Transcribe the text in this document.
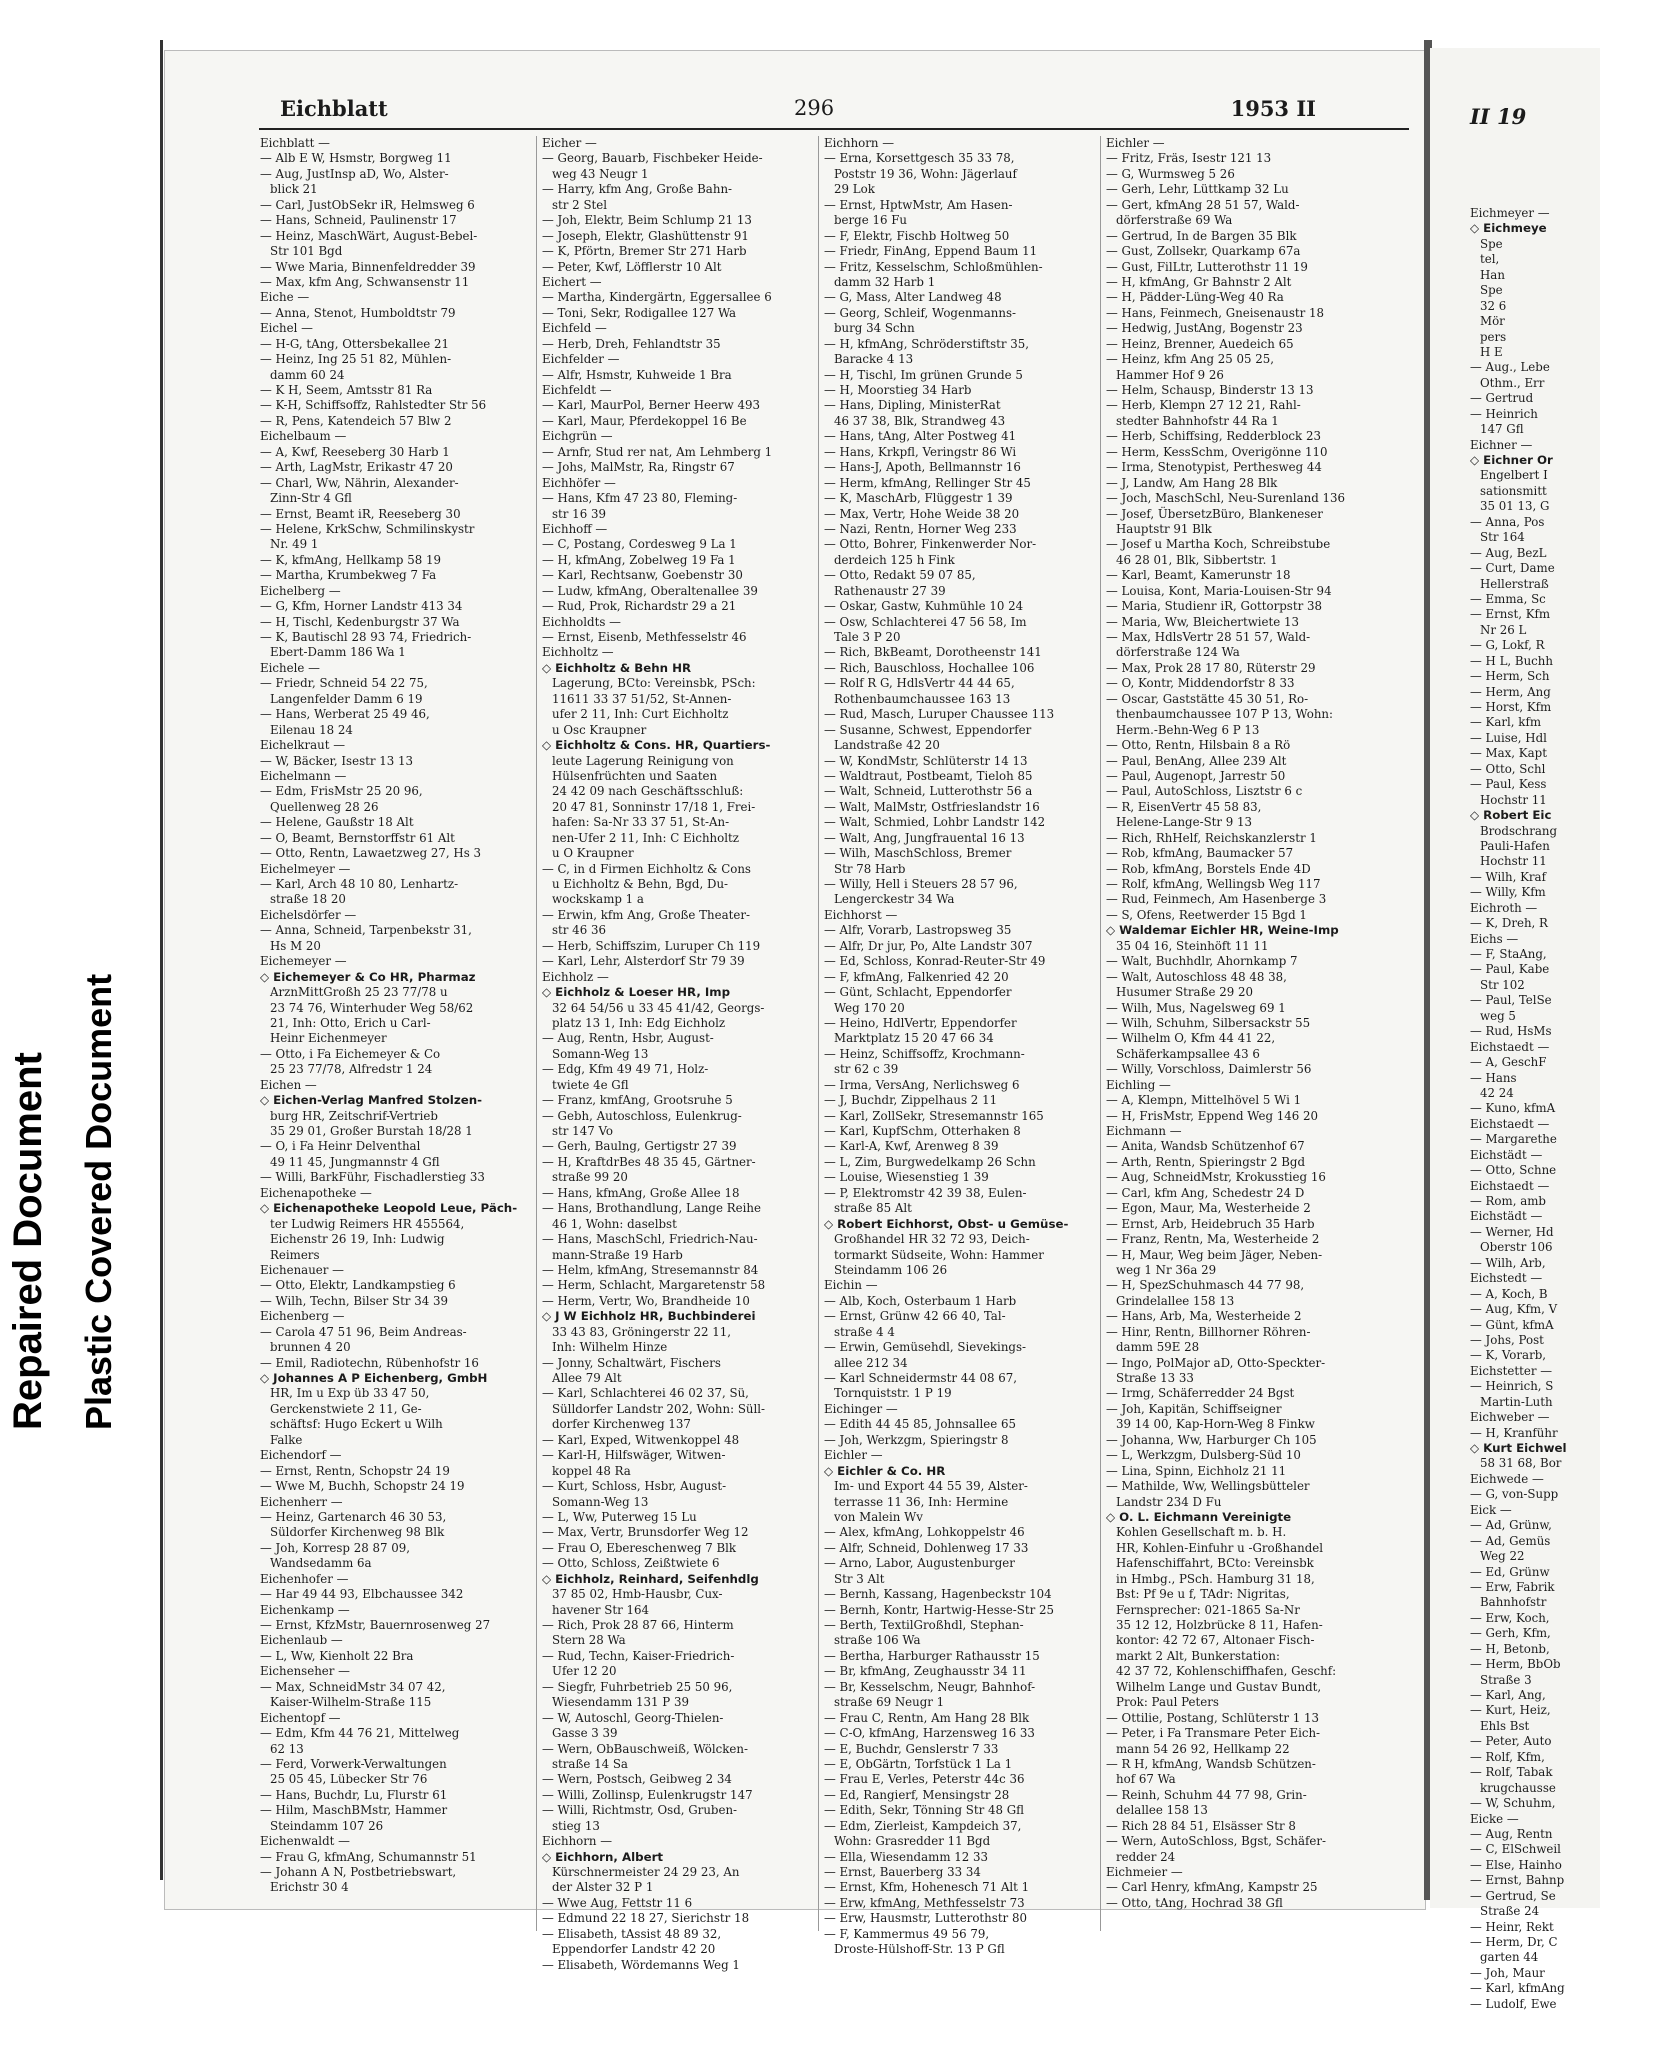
Repaired Document Plastic Covered Document
Eichblatt	296	1953 II
Eichblatt —
— Alb E W, Hsmstr, Borgweg 11
— Aug, JustInsp aD, Wo, Alster-
blick 21
— Carl, JustObSekr iR, Helmsweg 6
— Hans, Schneid, Paulinenstr 17
— Heinz, MaschWärt, August-Bebel-
Str 101 Bgd
— Wwe Maria, Binnenfeldredder 39
— Max, kfm Ang, Schwansenstr 11
Eiche —
— Anna, Stenot, Humboldtstr 79
Eichel —
— H-G, tAng, Ottersbekallee 21
— Heinz, Ing 25 51 82, Mühlen-
damm 60 24
— K H, Seem, Amtsstr 81 Ra
— K-H, Schiffsoffz, Rahlstedter Str 56
— R, Pens, Katendeich 57 Blw 2
Eichelbaum —
— A, Kwf, Reeseberg 30 Harb 1
— Arth, LagMstr, Erikastr 47 20
— Charl, Ww, Nährin, Alexander-
Zinn-Str 4 Gfl
— Ernst, Beamt iR, Reeseberg 30
— Helene, KrkSchw, Schmilinskystr
Nr. 49 1
— K, kfmAng, Hellkamp 58 19
— Martha, Krumbekweg 7 Fa
Eichelberg —
— G, Kfm, Horner Landstr 413 34
— H, Tischl, Kedenburgstr 37 Wa
— K, Bautischl 28 93 74, Friedrich-
Ebert-Damm 186 Wa 1
Eichele —
— Friedr, Schneid 54 22 75,
Langenfelder Damm 6 19
— Hans, Werberat 25 49 46,
Eilenau 18 24
Eichelkraut —
— W, Bäcker, Isestr 13 13
Eichelmann —
— Edm, FrisMstr 25 20 96,
Quellenweg 28 26
— Helene, Gaußstr 18 Alt
— O, Beamt, Bernstorffstr 61 Alt
— Otto, Rentn, Lawaetzweg 27, Hs 3
Eichelmeyer —
— Karl, Arch 48 10 80, Lenhartz-
straße 18 20
Eichelsdörfer —
— Anna, Schneid, Tarpenbekstr 31,
Hs M 20
Eichemeyer —
◇ Eichemeyer & Co HR, Pharmaz
ArznMittGroßh 25 23 77/78 u
23 74 76, Winterhuder Weg 58/62
21, Inh: Otto, Erich u Carl-
Heinr Eichenmeyer
— Otto, i Fa Eichemeyer & Co
25 23 77/78, Alfredstr 1 24
Eichen —
◇ Eichen-Verlag Manfred Stolzen-
burg HR, Zeitschrif-Vertrieb
35 29 01, Großer Burstah 18/28 1
— O, i Fa Heinr Delventhal
49 11 45, Jungmannstr 4 Gfl
— Willi, BarkFühr, Fischadlerstieg 33
Eichenapotheke —
◇ Eichenapotheke Leopold Leue, Päch-
ter Ludwig Reimers HR 455564,
Eichenstr 26 19, Inh: Ludwig
Reimers
Eichenauer —
— Otto, Elektr, Landkampstieg 6
— Wilh, Techn, Bilser Str 34 39
Eichenberg —
— Carola 47 51 96, Beim Andreas-
brunnen 4 20
— Emil, Radiotechn, Rübenhofstr 16
◇ Johannes A P Eichenberg, GmbH
HR, Im u Exp üb 33 47 50,
Gerckenstwiete 2 11, Ge-
schäftsf: Hugo Eckert u Wilh
Falke
Eichendorf —
— Ernst, Rentn, Schopstr 24 19
— Wwe M, Buchh, Schopstr 24 19
Eichenherr —
— Heinz, Gartenarch 46 30 53,
Süldorfer Kirchenweg 98 Blk
— Joh, Korresp 28 87 09,
Wandsedamm 6a
Eichenhofer —
— Har 49 44 93, Elbchaussee 342
Eichenkamp —
— Ernst, KfzMstr, Bauernrosenweg 27
Eichenlaub —
— L, Ww, Kienholt 22 Bra
Eichenseher —
— Max, SchneidMstr 34 07 42,
Kaiser-Wilhelm-Straße 115
Eichentopf —
— Edm, Kfm 44 76 21, Mittelweg
62 13
— Ferd, Vorwerk-Verwaltungen
25 05 45, Lübecker Str 76
— Hans, Buchdr, Lu, Flurstr 61
— Hilm, MaschBMstr, Hammer
Steindamm 107 26
Eichenwaldt —
— Frau G, kfmAng, Schumannstr 51
— Johann A N, Postbetriebswart,
Erichstr 30 4
Eicher —
— Georg, Bauarb, Fischbeker Heide-
weg 43 Neugr 1
— Harry, kfm Ang, Große Bahn-
str 2 Stel
— Joh, Elektr, Beim Schlump 21 13
— Joseph, Elektr, Glashüttenstr 91
— K, Pförtn, Bremer Str 271 Harb
— Peter, Kwf, Löfflerstr 10 Alt
Eichert —
— Martha, Kindergärtn, Eggersallee 6
— Toni, Sekr, Rodigallee 127 Wa
Eichfeld —
— Herb, Dreh, Fehlandtstr 35
Eichfelder —
— Alfr, Hsmstr, Kuhweide 1 Bra
Eichfeldt —
— Karl, MaurPol, Berner Heerw 493
— Karl, Maur, Pferdekoppel 16 Be
Eichgrün —
— Arnfr, Stud rer nat, Am Lehmberg 1
— Johs, MalMstr, Ra, Ringstr 67
Eichhöfer —
— Hans, Kfm 47 23 80, Fleming-
str 16 39
Eichhoff —
— C, Postang, Cordesweg 9 La 1
— H, kfmAng, Zobelweg 19 Fa 1
— Karl, Rechtsanw, Goebenstr 30
— Ludw, kfmAng, Oberaltenallee 39
— Rud, Prok, Richardstr 29 a 21
Eichholdts —
— Ernst, Eisenb, Methfesselstr 46
Eichholtz —
◇ Eichholtz & Behn HR
Lagerung, BCto: Vereinsbk, PSch:
11611 33 37 51/52, St-Annen-
ufer 2 11, Inh: Curt Eichholtz
u Osc Kraupner
◇ Eichholtz & Cons. HR, Quartiers-
leute Lagerung Reinigung von
Hülsenfrüchten und Saaten
24 42 09 nach Geschäftsschluß:
20 47 81, Sonninstr 17/18 1, Frei-
hafen: Sa-Nr 33 37 51, St-An-
nen-Ufer 2 11, Inh: C Eichholtz
u O Kraupner
— C, in d Firmen Eichholtz & Cons
u Eichholtz & Behn, Bgd, Du-
wockskamp 1 a
— Erwin, kfm Ang, Große Theater-
str 46 36
— Herb, Schiffszim, Luruper Ch 119
— Karl, Lehr, Alsterdorf Str 79 39
Eichholz —
◇ Eichholz & Loeser HR, Imp
32 64 54/56 u 33 45 41/42, Georgs-
platz 13 1, Inh: Edg Eichholz
— Aug, Rentn, Hsbr, August-
Somann-Weg 13
— Edg, Kfm 49 49 71, Holz-
twiete 4e Gfl
— Franz, kmfAng, Grootsruhe 5
— Gebh, Autoschloss, Eulenkrug-
str 147 Vo
— Gerh, Baulng, Gertigstr 27 39
— H, KraftdrBes 48 35 45, Gärtner-
straße 99 20
— Hans, kfmAng, Große Allee 18
— Hans, Brothandlung, Lange Reihe
46 1, Wohn: daselbst
— Hans, MaschSchl, Friedrich-Nau-
mann-Straße 19 Harb
— Helm, kfmAng, Stresemannstr 84
— Herm, Schlacht, Margaretenstr 58
— Herm, Vertr, Wo, Brandheide 10
◇ J W Eichholz HR, Buchbinderei
33 43 83, Gröningerstr 22 11,
Inh: Wilhelm Hinze
— Jonny, Schaltwärt, Fischers
Allee 79 Alt
— Karl, Schlachterei 46 02 37, Sü,
Sülldorfer Landstr 202, Wohn: Süll-
dorfer Kirchenweg 137
— Karl, Exped, Witwenkoppel 48
— Karl-H, Hilfswäger, Witwen-
koppel 48 Ra
— Kurt, Schloss, Hsbr, August-
Somann-Weg 13
— L, Ww, Puterweg 15 Lu
— Max, Vertr, Brunsdorfer Weg 12
— Frau O, Ebereschenweg 7 Blk
— Otto, Schloss, Zeißtwiete 6
◇ Eichholz, Reinhard, Seifenhdlg
37 85 02, Hmb-Hausbr, Cux-
havener Str 164
— Rich, Prok 28 87 66, Hinterm
Stern 28 Wa
— Rud, Techn, Kaiser-Friedrich-
Ufer 12 20
— Siegfr, Fuhrbetrieb 25 50 96,
Wiesendamm 131 P 39
— W, Autoschl, Georg-Thielen-
Gasse 3 39
— Wern, ObBauschweiß, Wölcken-
straße 14 Sa
— Wern, Postsch, Geibweg 2 34
— Willi, Zollinsp, Eulenkrugstr 147
— Willi, Richtmstr, Osd, Gruben-
stieg 13
Eichhorn —
◇ Eichhorn, Albert
Kürschnermeister 24 29 23, An
der Alster 32 P 1
— Wwe Aug, Fettstr 11 6
— Edmund 22 18 27, Sierichstr 18
— Elisabeth, tAssist 48 89 32,
Eppendorfer Landstr 42 20
— Elisabeth, Wördemanns Weg 1
Eichhorn —
— Erna, Korsettgesch 35 33 78,
Poststr 19 36, Wohn: Jägerlauf
29 Lok
— Ernst, HptwMstr, Am Hasen-
berge 16 Fu
— F, Elektr, Fischb Holtweg 50
— Friedr, FinAng, Eppend Baum 11
— Fritz, Kesselschm, Schloßmühlen-
damm 32 Harb 1
— G, Mass, Alter Landweg 48
— Georg, Schleif, Wogenmanns-
burg 34 Schn
— H, kfmAng, Schröderstiftstr 35,
Baracke 4 13
— H, Tischl, Im grünen Grunde 5
— H, Moorstieg 34 Harb
— Hans, Dipling, MinisterRat
46 37 38, Blk, Strandweg 43
— Hans, tAng, Alter Postweg 41
— Hans, Krkpfl, Veringstr 86 Wi
— Hans-J, Apoth, Bellmannstr 16
— Herm, kfmAng, Rellinger Str 45
— K, MaschArb, Flüggestr 1 39
— Max, Vertr, Hohe Weide 38 20
— Nazi, Rentn, Horner Weg 233
— Otto, Bohrer, Finkenwerder Nor-
derdeich 125 h Fink
— Otto, Redakt 59 07 85,
Rathenaustr 27 39
— Oskar, Gastw, Kuhmühle 10 24
— Osw, Schlachterei 47 56 58, Im
Tale 3 P 20
— Rich, BkBeamt, Dorotheenstr 141
— Rich, Bauschloss, Hochallee 106
— Rolf R G, HdlsVertr 44 44 65,
Rothenbaumchaussee 163 13
— Rud, Masch, Luruper Chaussee 113
— Susanne, Schwest, Eppendorfer
Landstraße 42 20
— W, KondMstr, Schlüterstr 14 13
— Waldtraut, Postbeamt, Tieloh 85
— Walt, Schneid, Lutterothstr 56 a
— Walt, MalMstr, Ostfrieslandstr 16
— Walt, Schmied, Lohbr Landstr 142
— Walt, Ang, Jungfrauental 16 13
— Wilh, MaschSchloss, Bremer
Str 78 Harb
— Willy, Hell i Steuers 28 57 96,
Lengerckestr 34 Wa
Eichhorst —
— Alfr, Vorarb, Lastropsweg 35
— Alfr, Dr jur, Po, Alte Landstr 307
— Ed, Schloss, Konrad-Reuter-Str 49
— F, kfmAng, Falkenried 42 20
— Günt, Schlacht, Eppendorfer
Weg 170 20
— Heino, HdlVertr, Eppendorfer
Marktplatz 15 20 47 66 34
— Heinz, Schiffsoffz, Krochmann-
str 62 c 39
— Irma, VersAng, Nerlichsweg 6
— J, Buchdr, Zippelhaus 2 11
— Karl, ZollSekr, Stresemannstr 165
— Karl, KupfSchm, Otterhaken 8
— Karl-A, Kwf, Arenweg 8 39
— L, Zim, Burgwedelkamp 26 Schn
— Louise, Wiesenstieg 1 39
— P, Elektromstr 42 39 38, Eulen-
straße 85 Alt
◇ Robert Eichhorst, Obst- u Gemüse-
Großhandel HR 32 72 93, Deich-
tormarkt Südseite, Wohn: Hammer
Steindamm 106 26
Eichin —
— Alb, Koch, Osterbaum 1 Harb
— Ernst, Grünw 42 66 40, Tal-
straße 4 4
— Erwin, Gemüsehdl, Sievekings-
allee 212 34
— Karl Schneidermstr 44 08 67,
Tornquiststr. 1 P 19
Eichinger —
— Edith 44 45 85, Johnsallee 65
— Joh, Werkzgm, Spieringstr 8
Eichler —
◇ Eichler & Co. HR
Im- und Export 44 55 39, Alster-
terrasse 11 36, Inh: Hermine
von Malein Wv
— Alex, kfmAng, Lohkoppelstr 46
— Alfr, Schneid, Dohlenweg 17 33
— Arno, Labor, Augustenburger
Str 3 Alt
— Bernh, Kassang, Hagenbeckstr 104
— Bernh, Kontr, Hartwig-Hesse-Str 25
— Berth, TextilGroßhdl, Stephan-
straße 106 Wa
— Bertha, Harburger Rathausstr 15
— Br, kfmAng, Zeughausstr 34 11
— Br, Kesselschm, Neugr, Bahnhof-
straße 69 Neugr 1
— Frau C, Rentn, Am Hang 28 Blk
— C-O, kfmAng, Harzensweg 16 33
— E, Buchdr, Genslerstr 7 33
— E, ObGärtn, Torfstück 1 La 1
— Frau E, Verles, Peterstr 44c 36
— Ed, Rangierf, Mensingstr 28
— Edith, Sekr, Tönning Str 48 Gfl
— Edm, Zierleist, Kampdeich 37,
Wohn: Grasredder 11 Bgd
— Ella, Wiesendamm 12 33
— Ernst, Bauerberg 33 34
— Ernst, Kfm, Hohenesch 71 Alt 1
— Erw, kfmAng, Methfesselstr 73
— Erw, Hausmstr, Lutterothstr 80
— F, Kammermus 49 56 79,
Droste-Hülshoff-Str. 13 P Gfl
Eichler —
— Fritz, Fräs, Isestr 121 13
— G, Wurmsweg 5 26
— Gerh, Lehr, Lüttkamp 32 Lu
— Gert, kfmAng 28 51 57, Wald-
dörferstraße 69 Wa
— Gertrud, In de Bargen 35 Blk
— Gust, Zollsekr, Quarkamp 67a
— Gust, FilLtr, Lutterothstr 11 19
— H, kfmAng, Gr Bahnstr 2 Alt
— H, Pädder-Lüng-Weg 40 Ra
— Hans, Feinmech, Gneisenaustr 18
— Hedwig, JustAng, Bogenstr 23
— Heinz, Brenner, Auedeich 65
— Heinz, kfm Ang 25 05 25,
Hammer Hof 9 26
— Helm, Schausp, Binderstr 13 13
— Herb, Klempn 27 12 21, Rahl-
stedter Bahnhofstr 44 Ra 1
— Herb, Schiffsing, Redderblock 23
— Herm, KessSchm, Overigönne 110
— Irma, Stenotypist, Perthesweg 44
— J, Landw, Am Hang 28 Blk
— Joch, MaschSchl, Neu-Surenland 136
— Josef, ÜbersetzBüro, Blankeneser
Hauptstr 91 Blk
— Josef u Martha Koch, Schreibstube
46 28 01, Blk, Sibbertstr. 1
— Karl, Beamt, Kamerunstr 18
— Louisa, Kont, Maria-Louisen-Str 94
— Maria, Studienr iR, Gottorpstr 38
— Maria, Ww, Bleichertwiete 13
— Max, HdlsVertr 28 51 57, Wald-
dörferstraße 124 Wa
— Max, Prok 28 17 80, Rüterstr 29
— O, Kontr, Middendorfstr 8 33
— Oscar, Gaststätte 45 30 51, Ro-
thenbaumchaussee 107 P 13, Wohn:
Herm.-Behn-Weg 6 P 13
— Otto, Rentn, Hilsbain 8 a Rö
— Paul, BenAng, Allee 239 Alt
— Paul, Augenopt, Jarrestr 50
— Paul, AutoSchloss, Lisztstr 6 c
— R, EisenVertr 45 58 83,
Helene-Lange-Str 9 13
— Rich, RhHelf, Reichskanzlerstr 1
— Rob, kfmAng, Baumacker 57
— Rob, kfmAng, Borstels Ende 4D
— Rolf, kfmAng, Wellingsb Weg 117
— Rud, Feinmech, Am Hasenberge 3
— S, Ofens, Reetwerder 15 Bgd 1
◇ Waldemar Eichler HR, Weine-Imp
35 04 16, Steinhöft 11 11
— Walt, Buchhdlr, Ahornkamp 7
— Walt, Autoschloss 48 48 38,
Husumer Straße 29 20
— Wilh, Mus, Nagelsweg 69 1
— Wilh, Schuhm, Silbersackstr 55
— Wilhelm O, Kfm 44 41 22,
Schäferkampsallee 43 6
— Willy, Vorschloss, Daimlerstr 56
Eichling —
— A, Klempn, Mittelhövel 5 Wi 1
— H, FrisMstr, Eppend Weg 146 20
Eichmann —
— Anita, Wandsb Schützenhof 67
— Arth, Rentn, Spieringstr 2 Bgd
— Aug, SchneidMstr, Krokusstieg 16
— Carl, kfm Ang, Schedestr 24 D
— Egon, Maur, Ma, Westerheide 2
— Ernst, Arb, Heidebruch 35 Harb
— Franz, Rentn, Ma, Westerheide 2
— H, Maur, Weg beim Jäger, Neben-
weg 1 Nr 36a 29
— H, SpezSchuhmasch 44 77 98,
Grindelallee 158 13
— Hans, Arb, Ma, Westerheide 2
— Hinr, Rentn, Billhorner Röhren-
damm 59E 28
— Ingo, PolMajor aD, Otto-Speckter-
Straße 13 33
— Irmg, Schäferredder 24 Bgst
— Joh, Kapitän, Schiffseigner
39 14 00, Kap-Horn-Weg 8 Finkw
— Johanna, Ww, Harburger Ch 105
— L, Werkzgm, Dulsberg-Süd 10
— Lina, Spinn, Eichholz 21 11
— Mathilde, Ww, Wellingsbütteler
Landstr 234 D Fu
◇ O. L. Eichmann Vereinigte
Kohlen Gesellschaft m. b. H.
HR, Kohlen-Einfuhr u -Großhandel
Hafenschiffahrt, BCto: Vereinsbk
in Hmbg., PSch. Hamburg 31 18,
Bst: Pf 9e u f, TAdr: Nigritas,
Fernsprecher: 021-1865 Sa-Nr
35 12 12, Holzbrücke 8 11, Hafen-
kontor: 42 72 67, Altonaer Fisch-
markt 2 Alt, Bunkerstation:
42 37 72, Kohlenschiffhafen, Geschf:
Wilhelm Lange und Gustav Bundt,
Prok: Paul Peters
— Ottilie, Postang, Schlüterstr 1 13
— Peter, i Fa Transmare Peter Eich-
mann 54 26 92, Hellkamp 22
— R H, kfmAng, Wandsb Schützen-
hof 67 Wa
— Reinh, Schuhm 44 77 98, Grin-
delallee 158 13
— Rich 28 84 51, Elsässer Str 8
— Wern, AutoSchloss, Bgst, Schäfer-
redder 24
Eichmeier —
— Carl Henry, kfmAng, Kampstr 25
— Otto, tAng, Hochrad 38 Gfl
II 19
Eichmeyer —
◇ Eichmeye
Spe
tel,
Han
Spe
32 6
Mör
pers
H E
— Aug., Lebe
Othm., Err
— Gertrud
— Heinrich
147 Gfl
Eichner —
◇ Eichner Or
Engelbert I
sationsmitt
35 01 13, G
— Anna, Pos
Str 164
— Aug, BezL
— Curt, Dame
Hellerstraß
— Emma, Sc
— Ernst, Kfm
Nr 26 L
— G, Lokf, R
— H L, Buchh
— Herm, Sch
— Herm, Ang
— Horst, Kfm
— Karl, kfm
— Luise, Hdl
— Max, Kapt
— Otto, Schl
— Paul, Kess
Hochstr 11
◇ Robert Eic
Brodschrang
Pauli-Hafen
Hochstr 11
— Wilh, Kraf
— Willy, Kfm
Eichroth —
— K, Dreh, R
Eichs —
— F, StaAng,
— Paul, Kabe
Str 102
— Paul, TelSe
weg 5
— Rud, HsMs
Eichstaedt —
— A, GeschF
— Hans
42 24
— Kuno, kfmA
Eichstaedt —
— Margarethe
Eichstädt —
— Otto, Schne
Eichstaedt —
— Rom, amb
Eichstädt —
— Werner, Hd
Oberstr 106
— Wilh, Arb,
Eichstedt —
— A, Koch, B
— Aug, Kfm, V
— Günt, kfmA
— Johs, Post
— K, Vorarb,
Eichstetter —
— Heinrich, S
Martin-Luth
Eichweber —
— H, Kranführ
◇ Kurt Eichwel
58 31 68, Bor
Eichwede —
— G, von-Supp
Eick —
— Ad, Grünw,
— Ad, Gemüs
Weg 22
— Ed, Grünw
— Erw, Fabrik
Bahnhofstr
— Erw, Koch,
— Gerh, Kfm,
— H, Betonb,
— Herm, BbOb
Straße 3
— Karl, Ang,
— Kurt, Heiz,
Ehls Bst
— Peter, Auto
— Rolf, Kfm,
— Rolf, Tabak
krugchausse
— W, Schuhm,
Eicke —
— Aug, Rentn
— C, ElSchweil
— Else, Hainho
— Ernst, Bahnp
— Gertrud, Se
Straße 24
— Heinr, Rekt
— Herm, Dr, C
garten 44
— Joh, Maur
— Karl, kfmAng
— Ludolf, Ewe
